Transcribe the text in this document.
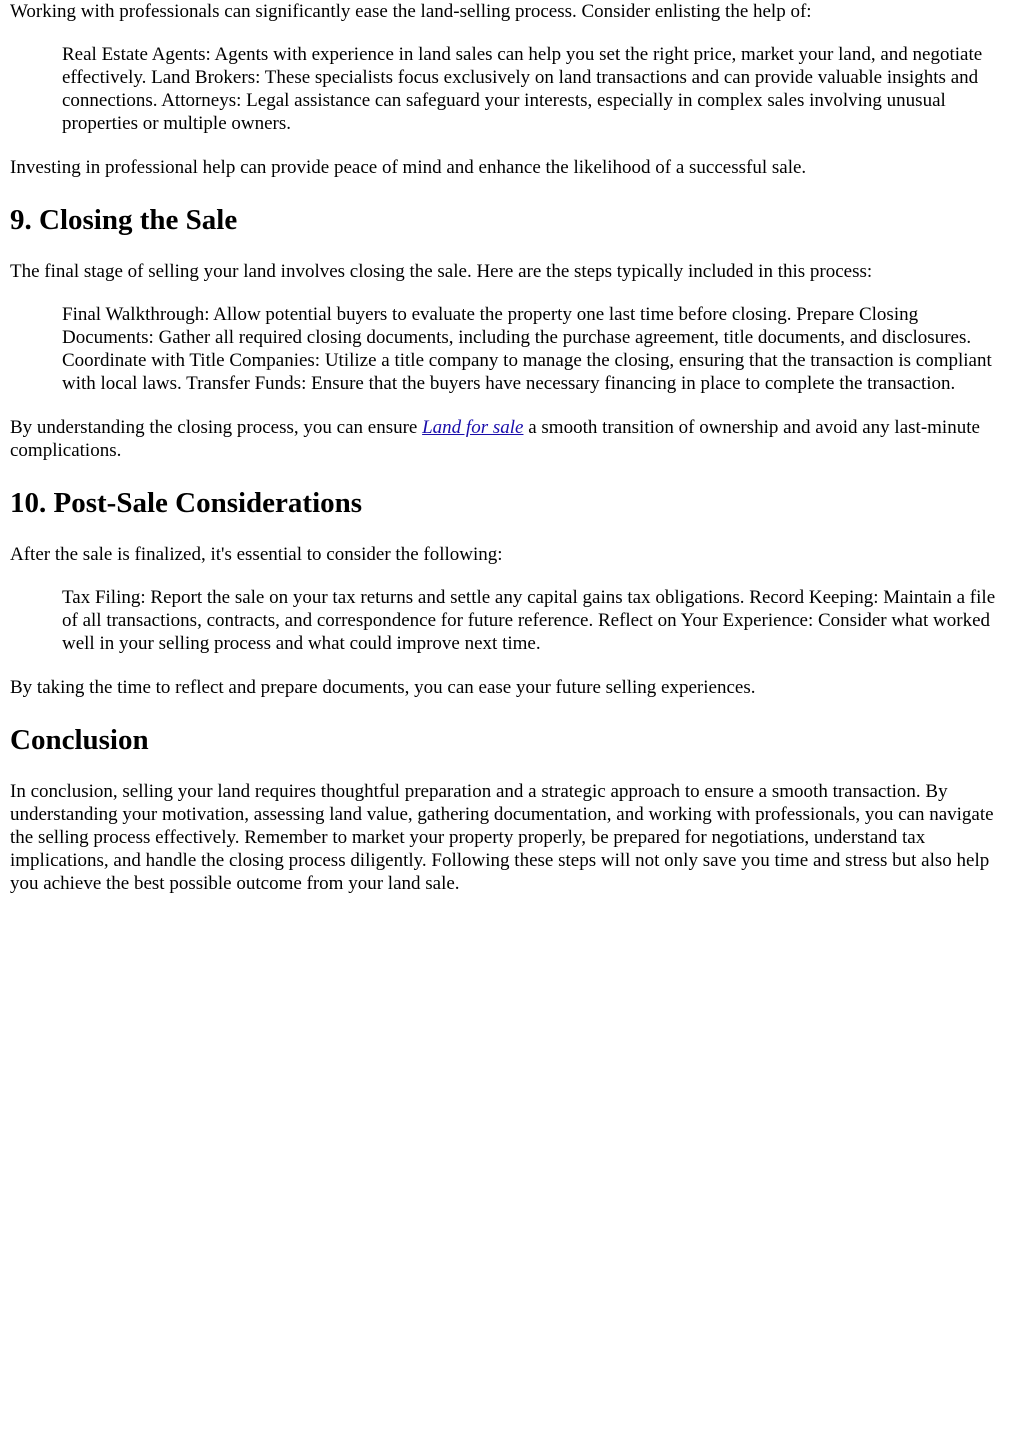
Working with professionals can significantly ease the land-selling process. Consider enlisting the help of:

Real Estate Agents: Agents with experience in land sales can help you set the right price, market your land, and negotiate effectively. Land Brokers: These specialists focus exclusively on land transactions and can provide valuable insights and connections. Attorneys: Legal assistance can safeguard your interests, especially in complex sales involving unusual properties or multiple owners.

Investing in professional help can provide peace of mind and enhance the likelihood of a successful sale.

9. Closing the Sale

The final stage of selling your land involves closing the sale. Here are the steps typically included in this process:

Final Walkthrough: Allow potential buyers to evaluate the property one last time before closing. Prepare Closing Documents: Gather all required closing documents, including the purchase agreement, title documents, and disclosures. Coordinate with Title Companies: Utilize a title company to manage the closing, ensuring that the transaction is compliant with local laws. Transfer Funds: Ensure that the buyers have necessary financing in place to complete the transaction.

By understanding the closing process, you can ensure Land for sale a smooth transition of ownership and avoid any last-minute complications.

10. Post-Sale Considerations

After the sale is finalized, it's essential to consider the following:

Tax Filing: Report the sale on your tax returns and settle any capital gains tax obligations. Record Keeping: Maintain a file of all transactions, contracts, and correspondence for future reference. Reflect on Your Experience: Consider what worked well in your selling process and what could improve next time.

By taking the time to reflect and prepare documents, you can ease your future selling experiences.

Conclusion

In conclusion, selling your land requires thoughtful preparation and a strategic approach to ensure a smooth transaction. By understanding your motivation, assessing land value, gathering documentation, and working with professionals, you can navigate the selling process effectively. Remember to market your property properly, be prepared for negotiations, understand tax implications, and handle the closing process diligently. Following these steps will not only save you time and stress but also help you achieve the best possible outcome from your land sale.
